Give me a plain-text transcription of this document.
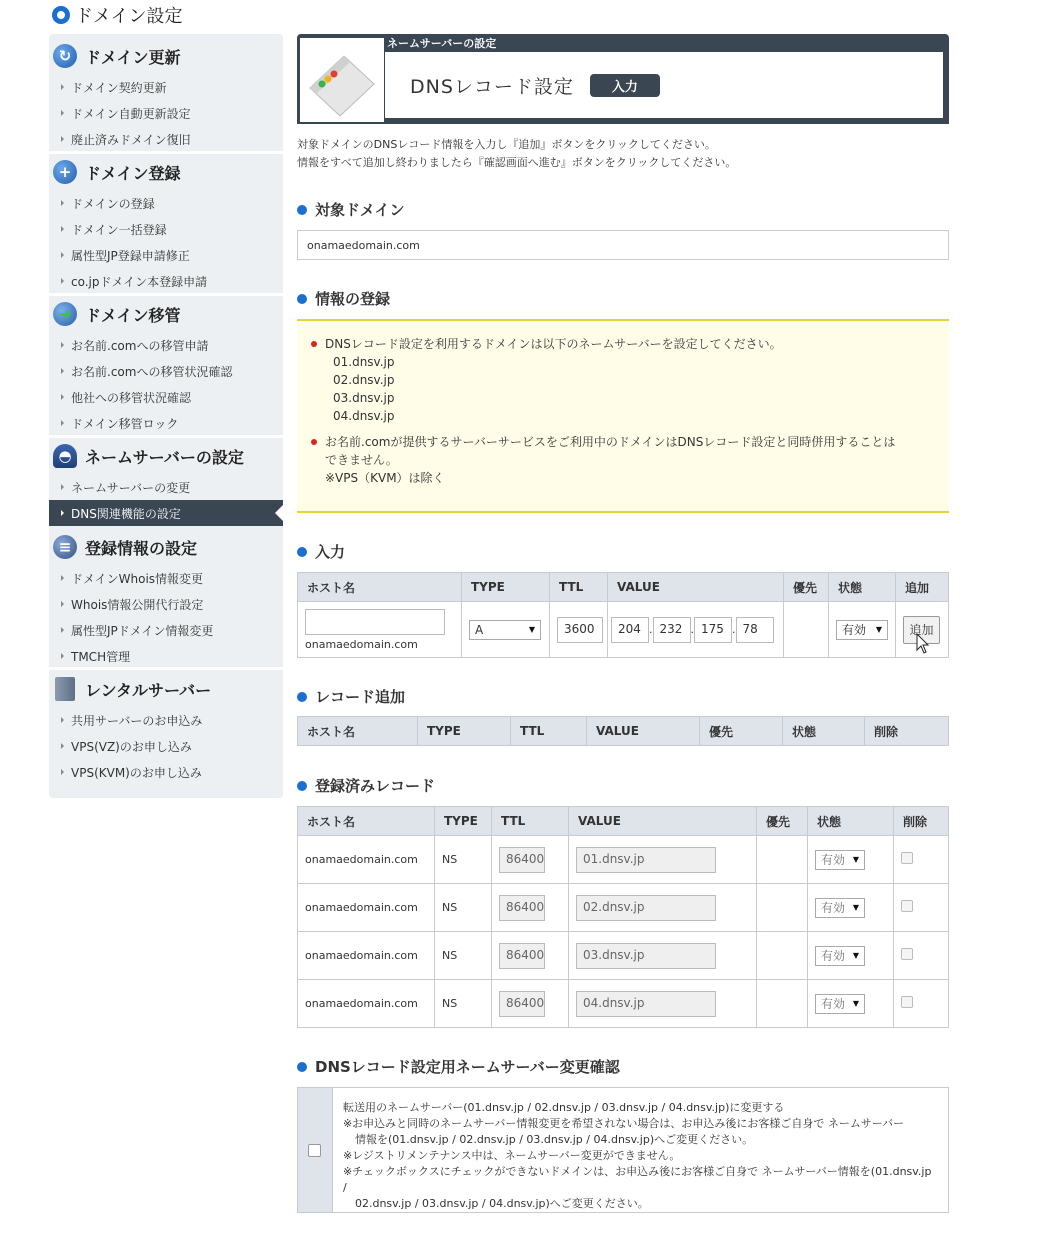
ドメイン設定
↻ ドメイン更新
ドメイン契約更新
ドメイン自動更新設定
廃止済みドメイン復旧
+ ドメイン登録
ドメインの登録
ドメイン一括登録
属性型JP登録申請修正
co.jpドメイン本登録申請
➜ ドメイン移管
お名前.comへの移管申請
お名前.comへの移管状況確認
他社への移管状況確認
ドメイン移管ロック
◓ ネームサーバーの設定
ネームサーバーの変更
DNS関連機能の設定
≡ 登録情報の設定
ドメインWhois情報変更
Whois情報公開代行設定
属性型JPドメイン情報変更
TMCH管理
レンタルサーバー
共用サーバーのお申込み
VPS(VZ)のお申し込み
VPS(KVM)のお申し込み
ネームサーバーの設定
DNSレコード設定	入力
対象ドメインのDNSレコード情報を入力し『追加』ボタンをクリックしてください。
情報をすべて追加し終わりましたら『確認画面へ進む』ボタンをクリックしてください。
対象ドメイン
onamaedomain.com
情報の登録
DNSレコード設定を利用するドメインは以下のネームサーバーを設定してください。
01.dnsv.jp
02.dnsv.jp
03.dnsv.jp
04.dnsv.jp
お名前.comが提供するサーバーサービスをご利用中のドメインはDNSレコード設定と同時併用することは
できません。
※VPS（KVM）は除く
入力
ホスト名	TYPE	TTL	VALUE	優先	状態	追加

onamaedomain.com	A ▼	3600	204 . 232 . 175 . 78		有効 ▼	追加
レコード追加
ホスト名	TYPE	TTL	VALUE	優先	状態	削除
登録済みレコード
ホスト名	TYPE	TTL	VALUE	優先	状態	削除
onamaedomain.com	NS	86400	01.dnsv.jp		有効 ▼	

onamaedomain.com	NS	86400	02.dnsv.jp		有効 ▼	

onamaedomain.com	NS	86400	03.dnsv.jp		有効 ▼	

onamaedomain.com	NS	86400	04.dnsv.jp		有効 ▼	

DNSレコード設定用ネームサーバー変更確認
転送用のネームサーバー(01.dnsv.jp / 02.dnsv.jp / 03.dnsv.jp / 04.dnsv.jp)に変更する
※お申込みと同時のネームサーバー情報変更を希望されない場合は、お申込み後にお客様ご自身で ネームサーバー
情報を(01.dnsv.jp / 02.dnsv.jp / 03.dnsv.jp / 04.dnsv.jp)へご変更ください。
※レジストリメンテナンス中は、ネームサーバー変更ができません。
※チェックボックスにチェックができないドメインは、お申込み後にお客様ご自身で ネームサーバー情報を(01.dnsv.jp /
02.dnsv.jp / 03.dnsv.jp / 04.dnsv.jp)へご変更ください。
